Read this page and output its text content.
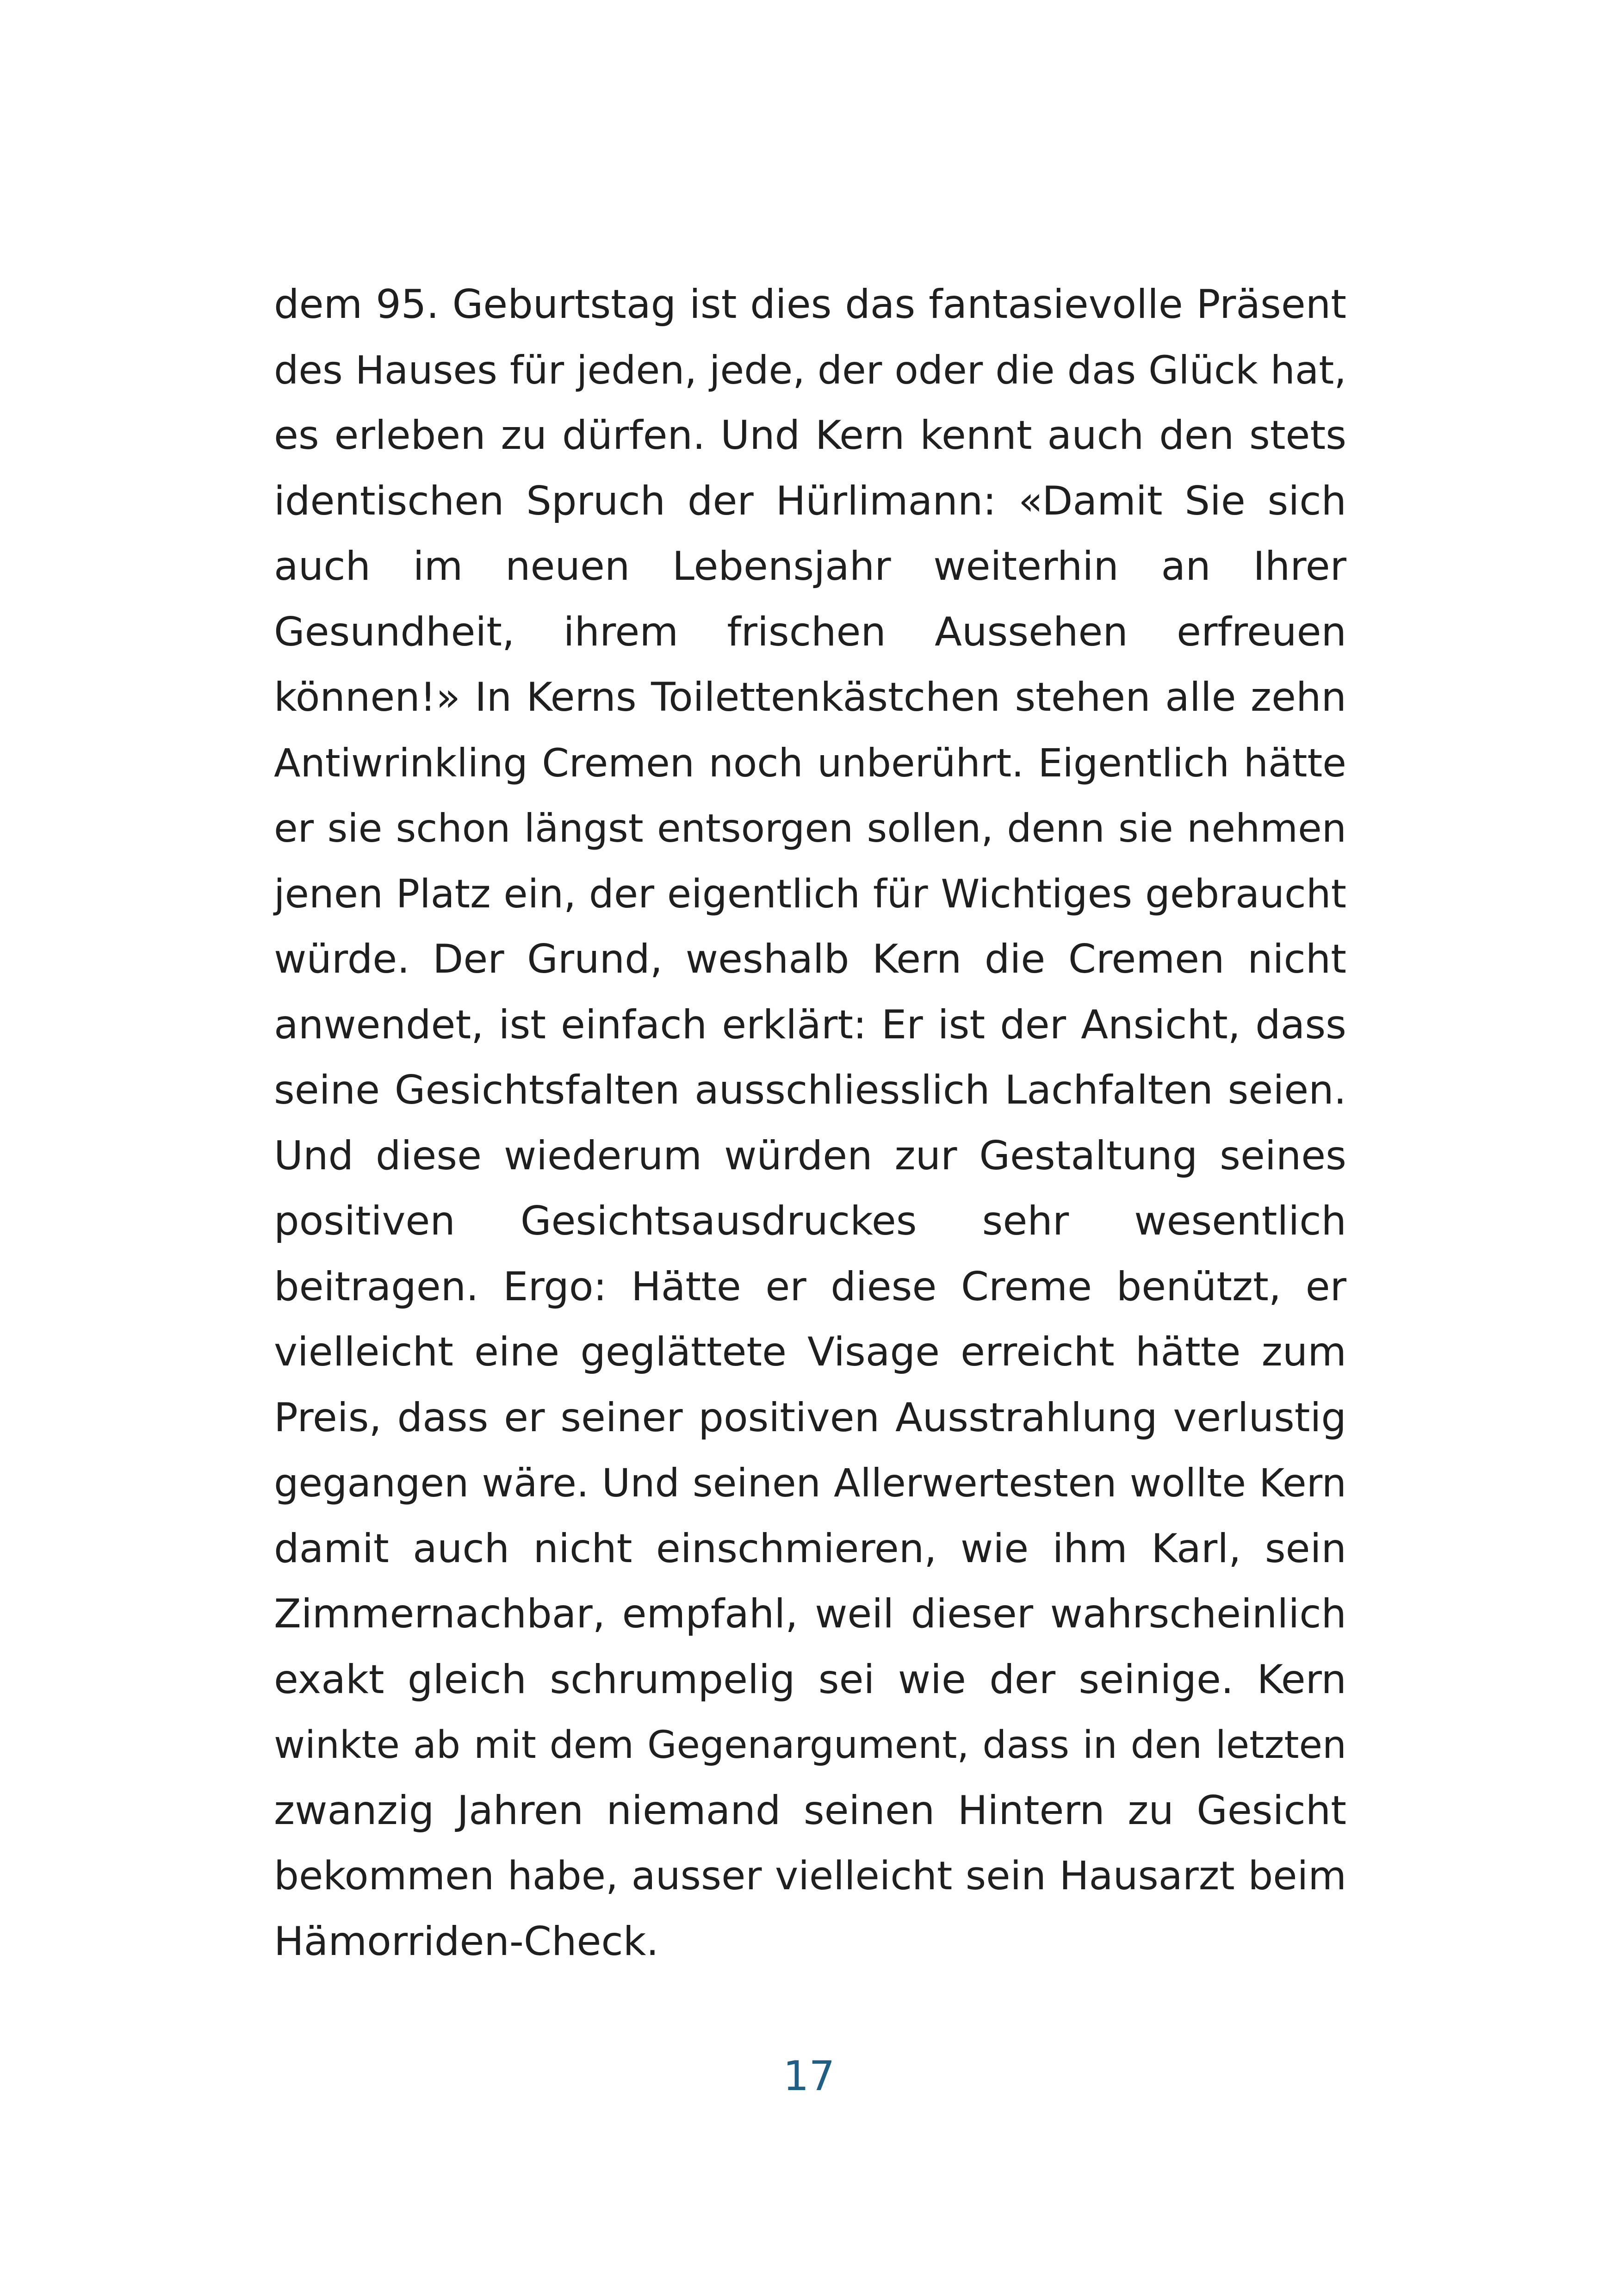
dem 95. Geburtstag ist dies das fantasievolle Präsent
des Hauses für jeden, jede, der oder die das Glück hat,
es erleben zu dürfen. Und Kern kennt auch den stets
identischen Spruch der Hürlimann: «Damit Sie sich
auch im neuen Lebensjahr weiterhin an Ihrer
Gesundheit, ihrem frischen Aussehen erfreuen
können!» In Kerns Toilettenkästchen stehen alle zehn
Antiwrinkling Cremen noch unberührt. Eigentlich hätte
er sie schon längst entsorgen sollen, denn sie nehmen
jenen Platz ein, der eigentlich für Wichtiges gebraucht
würde. Der Grund, weshalb Kern die Cremen nicht
anwendet, ist einfach erklärt: Er ist der Ansicht, dass
seine Gesichtsfalten ausschliesslich Lachfalten seien.
Und diese wiederum würden zur Gestaltung seines
positiven Gesichtsausdruckes sehr wesentlich
beitragen. Ergo: Hätte er diese Creme benützt, er
vielleicht eine geglättete Visage erreicht hätte zum
Preis, dass er seiner positiven Ausstrahlung verlustig
gegangen wäre. Und seinen Allerwertesten wollte Kern
damit auch nicht einschmieren, wie ihm Karl, sein
Zimmernachbar, empfahl, weil dieser wahrscheinlich
exakt gleich schrumpelig sei wie der seinige. Kern
winkte ab mit dem Gegenargument, dass in den letzten
zwanzig Jahren niemand seinen Hintern zu Gesicht
bekommen habe, ausser vielleicht sein Hausarzt beim
Hämorriden-Check.
17
